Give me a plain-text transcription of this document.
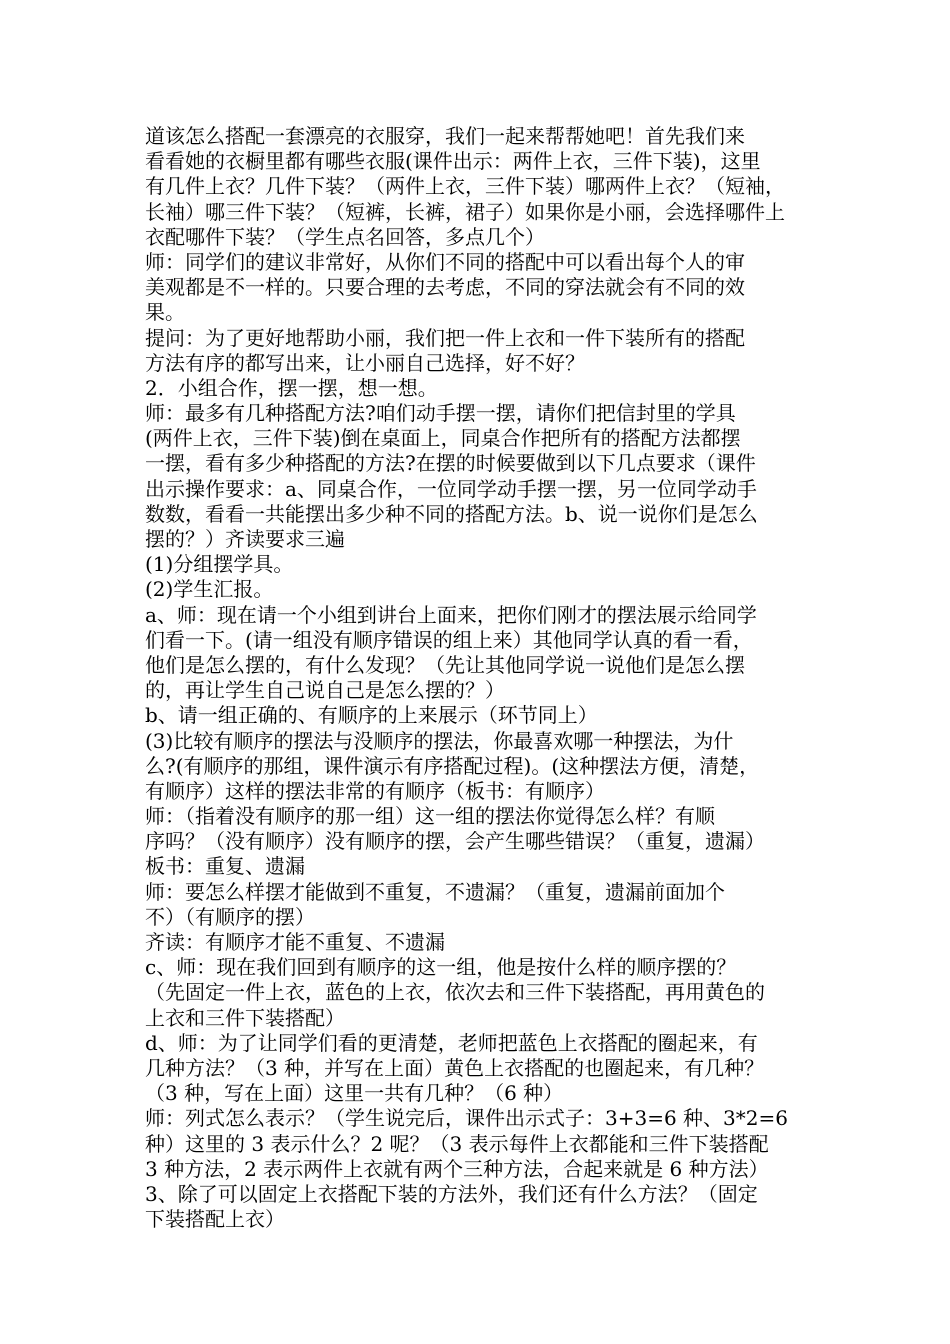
道该怎么搭配一套漂亮的衣服穿，我们一起来帮帮她吧！首先我们来
看看她的衣橱里都有哪些衣服(课件出示：两件上衣，三件下装)，这里
有几件上衣？几件下装？（两件上衣，三件下装）哪两件上衣？（短袖，
长袖）哪三件下装？（短裤，长裤，裙子）如果你是小丽，会选择哪件上
衣配哪件下装？（学生点名回答，多点几个）
师：同学们的建议非常好，从你们不同的搭配中可以看出每个人的审
美观都是不一样的。只要合理的去考虑，不同的穿法就会有不同的效
果。
提问：为了更好地帮助小丽，我们把一件上衣和一件下装所有的搭配
方法有序的都写出来，让小丽自己选择，好不好？
2．小组合作，摆一摆，想一想。
师：最多有几种搭配方法?咱们动手摆一摆，请你们把信封里的学具
(两件上衣，三件下装)倒在桌面上，同桌合作把所有的搭配方法都摆
一摆，看有多少种搭配的方法?在摆的时候要做到以下几点要求（课件
出示操作要求：a、同桌合作，一位同学动手摆一摆，另一位同学动手
数数，看看一共能摆出多少种不同的搭配方法。b、说一说你们是怎么
摆的？）齐读要求三遍
(1)分组摆学具。
(2)学生汇报。
a、师：现在请一个小组到讲台上面来，把你们刚才的摆法展示给同学
们看一下。(请一组没有顺序错误的组上来）其他同学认真的看一看，
他们是怎么摆的，有什么发现？（先让其他同学说一说他们是怎么摆
的，再让学生自己说自己是怎么摆的？）
b、请一组正确的、有顺序的上来展示（环节同上）
(3)比较有顺序的摆法与没顺序的摆法，你最喜欢哪一种摆法，为什
么?(有顺序的那组，课件演示有序搭配过程)。(这种摆法方便，清楚，
有顺序）这样的摆法非常的有顺序（板书：有顺序）
师：（指着没有顺序的那一组）这一组的摆法你觉得怎么样？有顺
序吗？（没有顺序）没有顺序的摆，会产生哪些错误？（重复，遗漏）
板书：重复、遗漏
师：要怎么样摆才能做到不重复，不遗漏？（重复，遗漏前面加个
不）（有顺序的摆）
齐读：有顺序才能不重复、不遗漏
c、师：现在我们回到有顺序的这一组，他是按什么样的顺序摆的？
（先固定一件上衣，蓝色的上衣，依次去和三件下装搭配，再用黄色的
上衣和三件下装搭配）
d、师：为了让同学们看的更清楚，老师把蓝色上衣搭配的圈起来，有
几种方法？（3 种，并写在上面）黄色上衣搭配的也圈起来，有几种？
（3 种，写在上面）这里一共有几种？（6 种）
师：列式怎么表示？（学生说完后，课件出示式子：3+3=6 种、3*2=6
种）这里的 3 表示什么？2 呢？（3 表示每件上衣都能和三件下装搭配
3 种方法，2 表示两件上衣就有两个三种方法，合起来就是 6 种方法）
3、除了可以固定上衣搭配下装的方法外，我们还有什么方法？（固定
下装搭配上衣）
